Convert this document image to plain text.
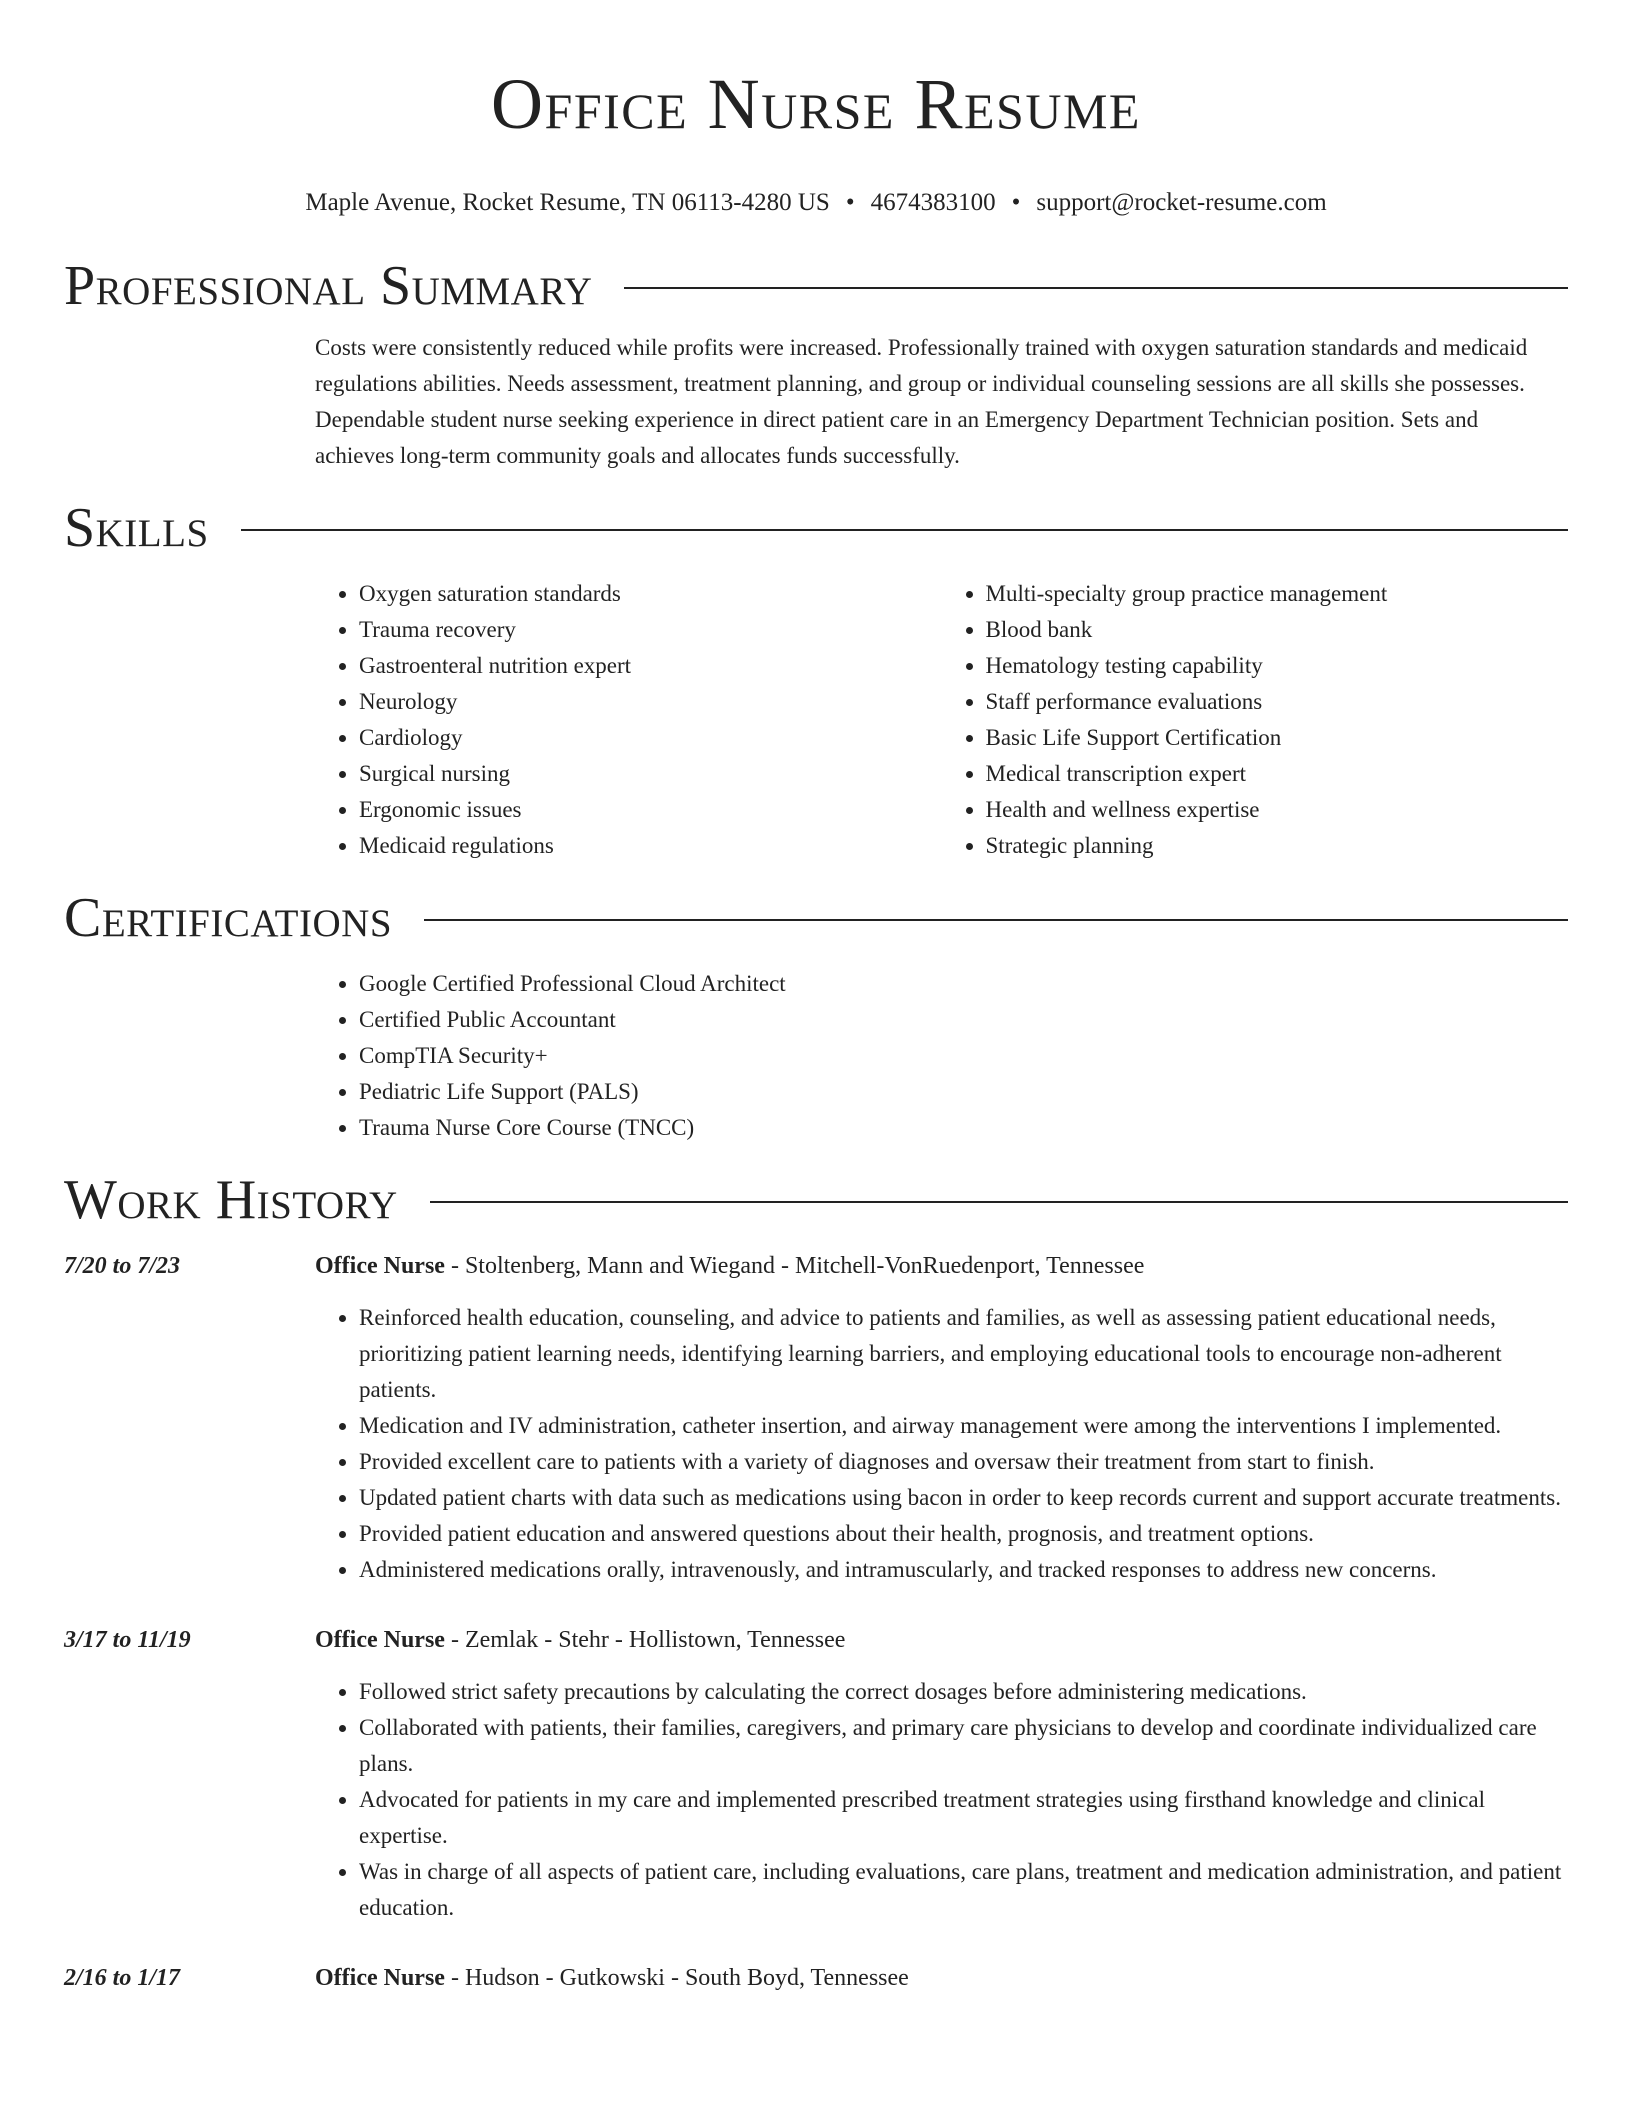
Office Nurse Resume
Maple Avenue, Rocket Resume, TN 06113-4280 US • 4674383100 • support@rocket-resume.com
Professional Summary
Costs were consistently reduced while profits were increased. Professionally trained with oxygen saturation standards and medicaid regulations abilities. Needs assessment, treatment planning, and group or individual counseling sessions are all skills she possesses. Dependable student nurse seeking experience in direct patient care in an Emergency Department Technician position. Sets and achieves long-term community goals and allocates funds successfully.
Skills
• Oxygen saturation standards
• Trauma recovery
• Gastroenteral nutrition expert
• Neurology
• Cardiology
• Surgical nursing
• Ergonomic issues
• Medicaid regulations
• Multi-specialty group practice management
• Blood bank
• Hematology testing capability
• Staff performance evaluations
• Basic Life Support Certification
• Medical transcription expert
• Health and wellness expertise
• Strategic planning
Certifications
• Google Certified Professional Cloud Architect
• Certified Public Accountant
• CompTIA Security+
• Pediatric Life Support (PALS)
• Trauma Nurse Core Course (TNCC)
Work History
7/20 to 7/23	Office Nurse - Stoltenberg, Mann and Wiegand - Mitchell-VonRuedenport, Tennessee
• Reinforced health education, counseling, and advice to patients and families, as well as assessing patient educational needs, prioritizing patient learning needs, identifying learning barriers, and employing educational tools to encourage non-adherent patients.
• Medication and IV administration, catheter insertion, and airway management were among the interventions I implemented.
• Provided excellent care to patients with a variety of diagnoses and oversaw their treatment from start to finish.
• Updated patient charts with data such as medications using bacon in order to keep records current and support accurate treatments.
• Provided patient education and answered questions about their health, prognosis, and treatment options.
• Administered medications orally, intravenously, and intramuscularly, and tracked responses to address new concerns.
3/17 to 11/19	Office Nurse - Zemlak - Stehr - Hollistown, Tennessee
• Followed strict safety precautions by calculating the correct dosages before administering medications.
• Collaborated with patients, their families, caregivers, and primary care physicians to develop and coordinate individualized care plans.
• Advocated for patients in my care and implemented prescribed treatment strategies using firsthand knowledge and clinical expertise.
• Was in charge of all aspects of patient care, including evaluations, care plans, treatment and medication administration, and patient education.
2/16 to 1/17	Office Nurse - Hudson - Gutkowski - South Boyd, Tennessee
